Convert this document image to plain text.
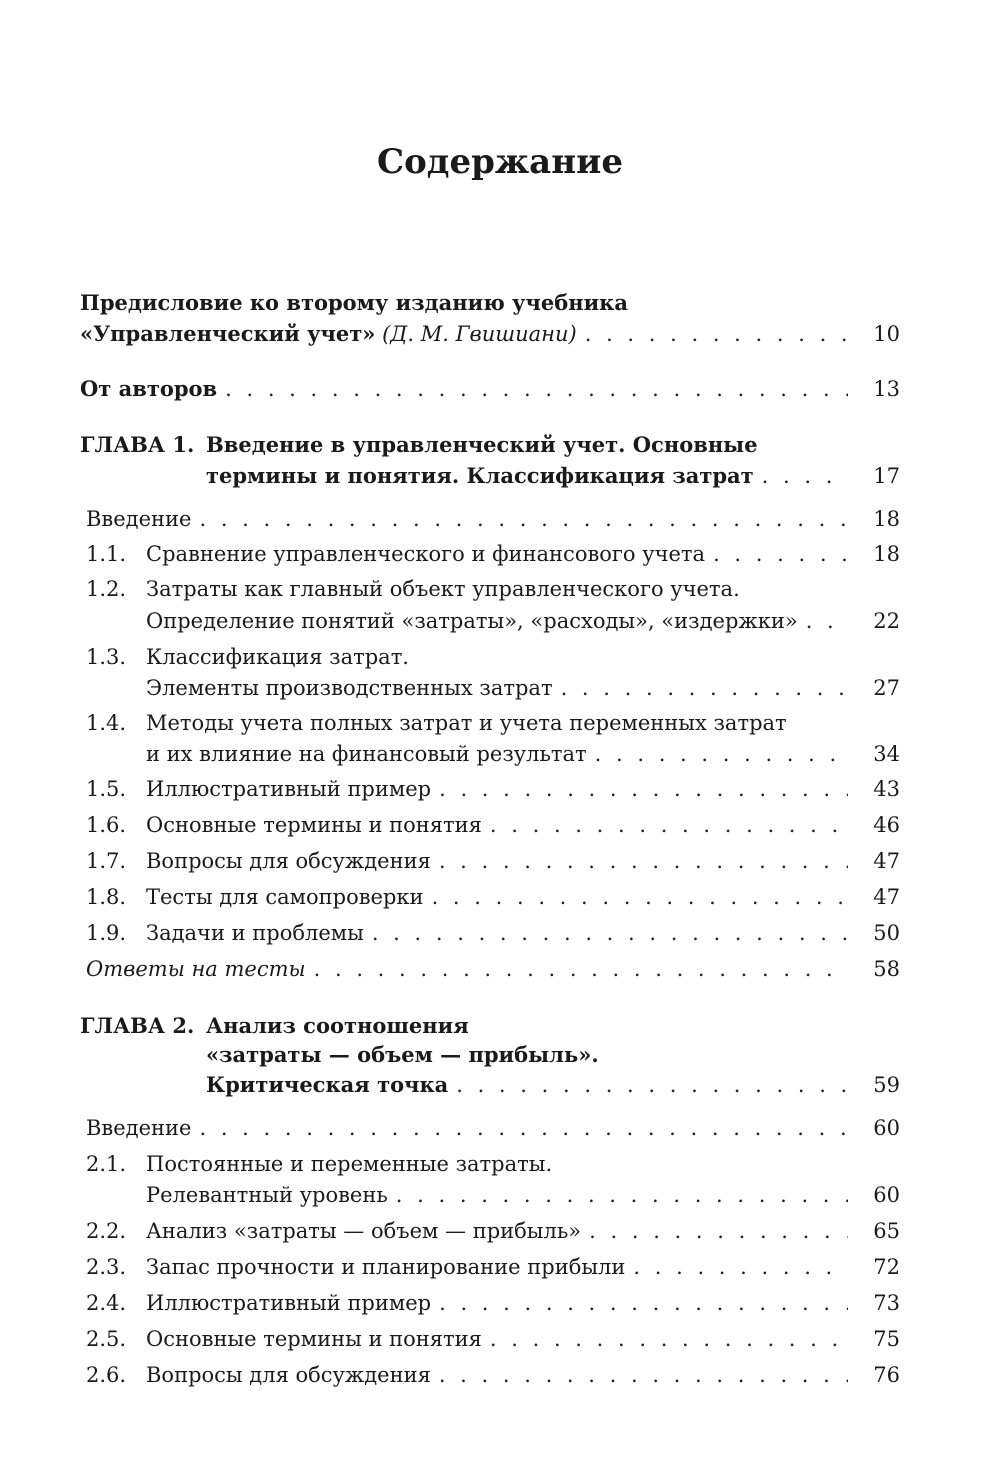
Содержание
Предисловие ко второму изданию учебника
«Управленческий учет» (Д. М. Гвишиани) . . .	10
От авторов . . .	13
ГЛАВА 1. Введение в управленческий учет. Основные
термины и понятия. Классификация затрат . . .	17
Введение . . .	18
1.1. Сравнение управленческого и финансового учета . . .	18
1.2. Затраты как главный объект управленческого учета.
Определение понятий «затраты», «расходы», «издержки» . . .	22
1.3. Классификация затрат.
Элементы производственных затрат . . .	27
1.4. Методы учета полных затрат и учета переменных затрат
и их влияние на финансовый результат . . .	34
1.5. Иллюстративный пример . . .	43
1.6. Основные термины и понятия . . .	46
1.7. Вопросы для обсуждения . . .	47
1.8. Тесты для самопроверки . . .	47
1.9. Задачи и проблемы . . .	50
Ответы на тесты . . .	58
ГЛАВА 2. Анализ соотношения
«затраты — объем — прибыль».
Критическая точка . . .	59
Введение . . .	60
2.1. Постоянные и переменные затраты.
Релевантный уровень . . .	60
2.2. Анализ «затраты — объем — прибыль» . . .	65
2.3. Запас прочности и планирование прибыли . . .	72
2.4. Иллюстративный пример . . .	73
2.5. Основные термины и понятия . . .	75
2.6. Вопросы для обсуждения . . .	76
